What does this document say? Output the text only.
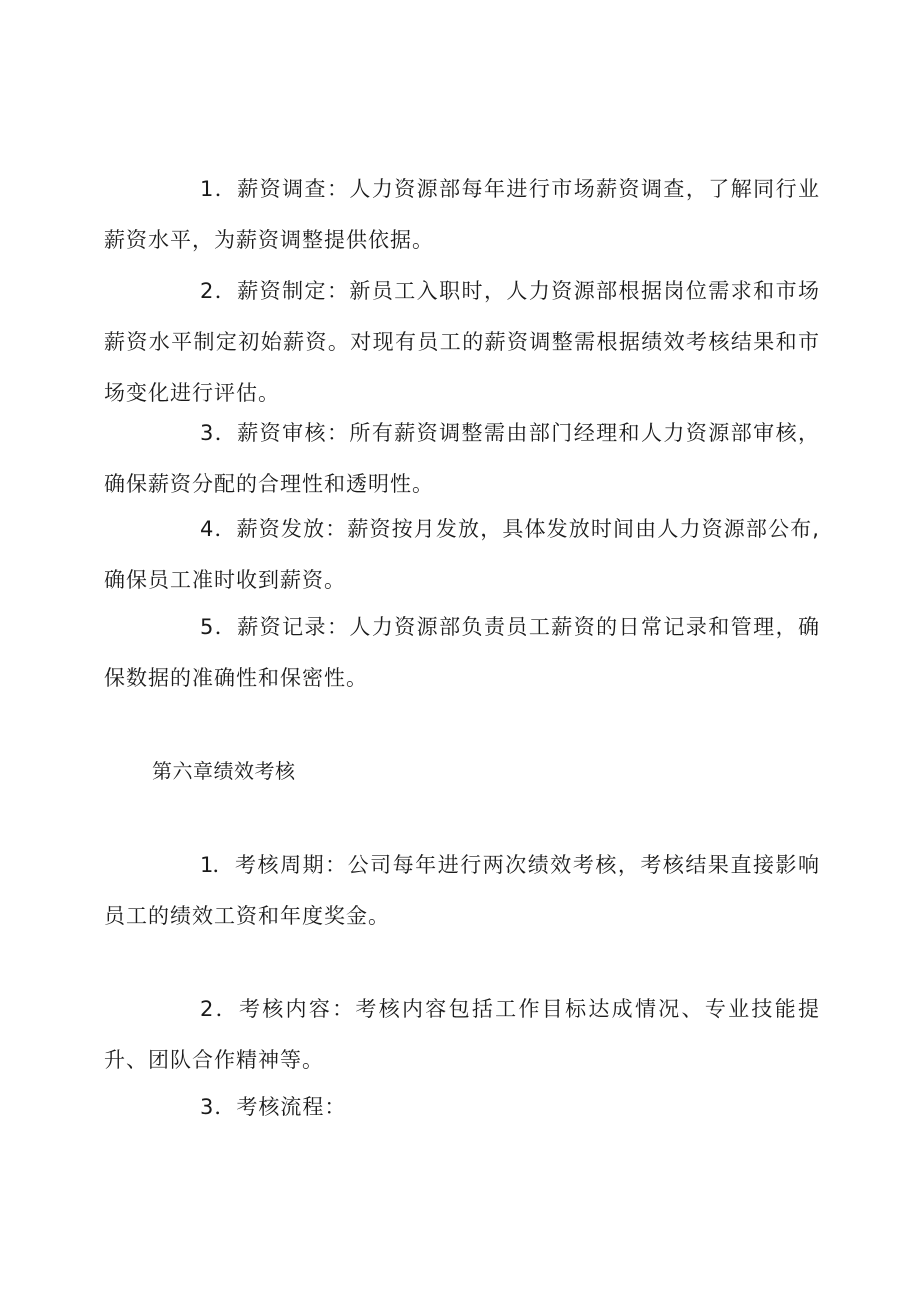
1．薪资调查：人力资源部每年进行市场薪资调查，了解同行业薪资水平，为薪资调整提供依据。

2．薪资制定：新员工入职时，人力资源部根据岗位需求和市场薪资水平制定初始薪资。对现有员工的薪资调整需根据绩效考核结果和市场变化进行评估。

3．薪资审核：所有薪资调整需由部门经理和人力资源部审核，确保薪资分配的合理性和透明性。

4．薪资发放：薪资按月发放，具体发放时间由人力资源部公布,确保员工准时收到薪资。

5．薪资记录：人力资源部负责员工薪资的日常记录和管理，确保数据的准确性和保密性。

第六章绩效考核

1．考核周期：公司每年进行两次绩效考核，考核结果直接影响员工的绩效工资和年度奖金。

2．考核内容：考核内容包括工作目标达成情况、专业技能提升、团队合作精神等。

3．考核流程：
